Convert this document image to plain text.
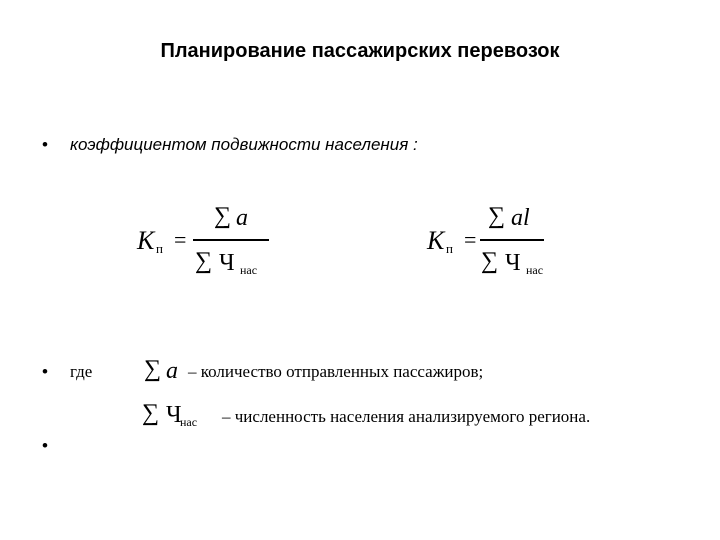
Планирование пассажирских перевозок
• коэффициентом подвижности населения :
K п =
∑ a
∑ Ч нас
K п =
∑ al
∑ Ч нас
• где ∑ a – количество отправленных пассажиров;
∑ Ч
нас – численность населения анализируемого региона.
•
